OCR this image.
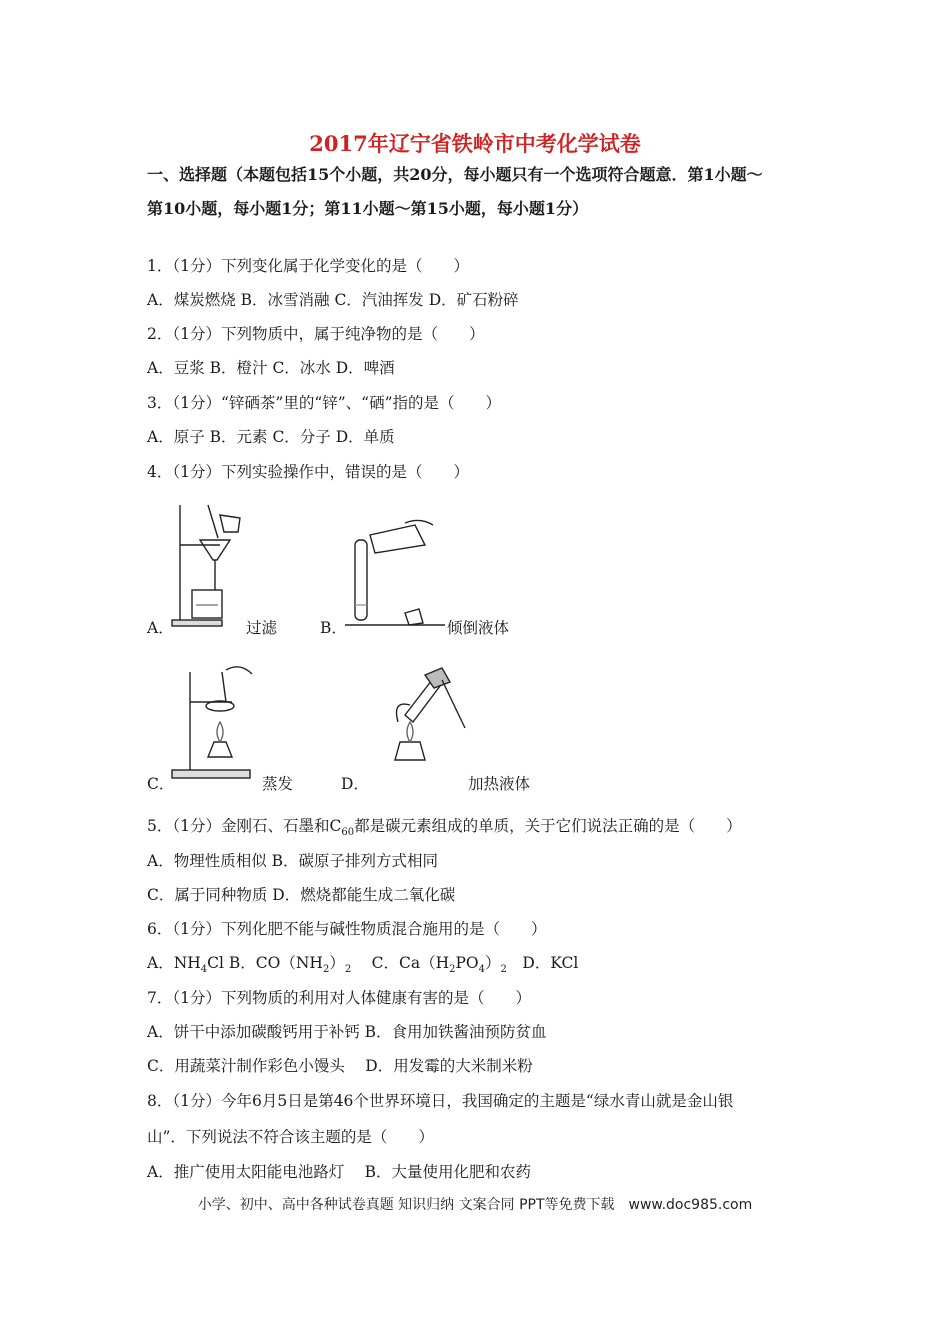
2017年辽宁省铁岭市中考化学试卷

一、选择题（本题包括15个小题，共20分，每小题只有一个选项符合题意．第1小题～
第10小题，每小题1分；第11小题～第15小题，每小题1分）

1．（1分）下列变化属于化学变化的是（　　）

A．煤炭燃烧 B．冰雪消融 C．汽油挥发 D．矿石粉碎

2．（1分）下列物质中，属于纯净物的是（　　）

A．豆浆 B．橙汁 C．冰水 D．啤酒

3．（1分）“锌硒茶”里的“锌”、“硒”指的是（　　）

A．原子 B．元素 C．分子 D．单质

4．（1分）下列实验操作中，错误的是（　　）

A．	过滤	B．	倾倒液体
C．	蒸发	D．	加热液体

5．（1分）金刚石、石墨和$C_{60}$都是碳元素组成的单质，关于它们说法正确的是（　　）

A．物理性质相似 B．碳原子排列方式相同

C．属于同种物质 D．燃烧都能生成二氧化碳

6．（1分）下列化肥不能与碱性物质混合施用的是（　　）

A．$NH_4Cl$ B．$CO(NH_2)_2$　 C．$Ca(H_2PO_4)_2$　D．KCl

7．（1分）下列物质的利用对人体健康有害的是（　　）

A．饼干中添加碳酸钙用于补钙 B．食用加铁酱油预防贫血

C．用蔬菜汁制作彩色小馒头　 D．用发霉的大米制米粉

8．（1分）今年6月5日是第46个世界环境日，我国确定的主题是“绿水青山就是金山银

山”．下列说法不符合该主题的是（　　）

A．推广使用太阳能电池路灯　 B．大量使用化肥和农药

小学、初中、高中各种试卷真题 知识归纳 文案合同 PPT等免费下载　www.doc985.com
